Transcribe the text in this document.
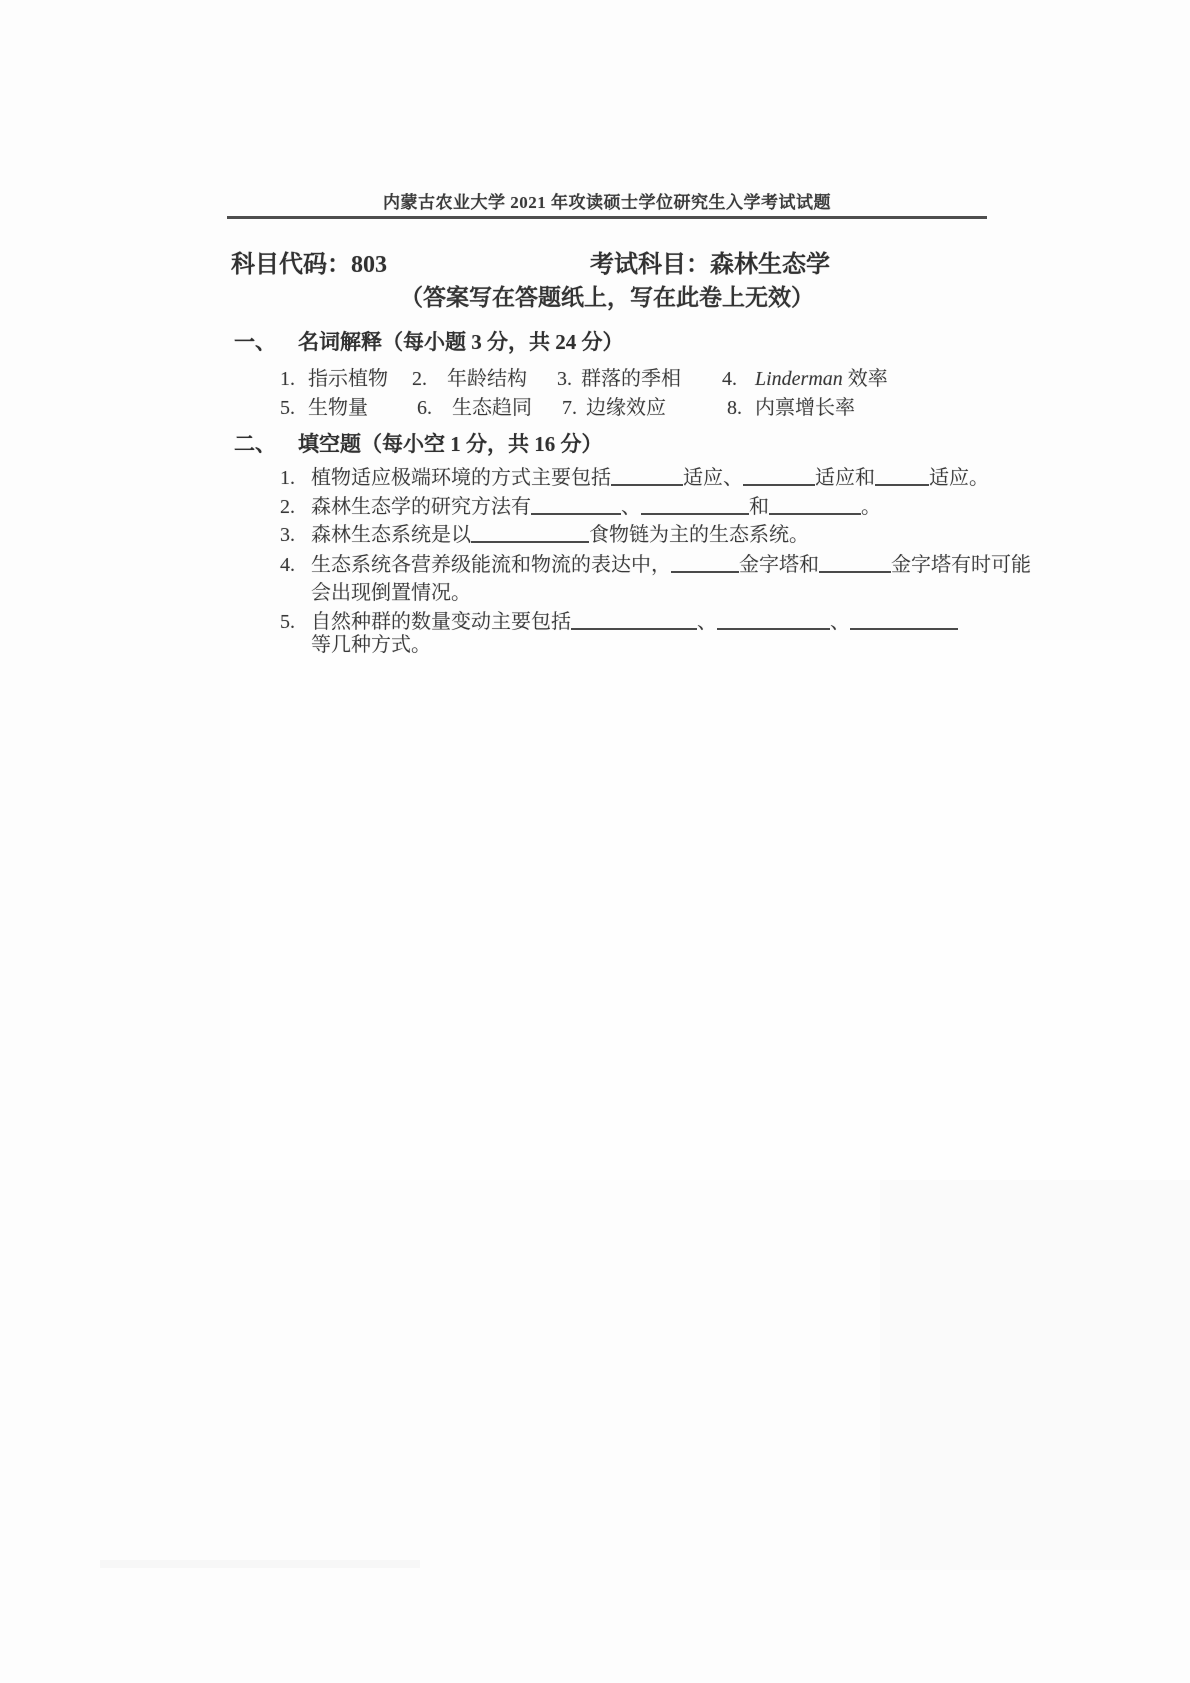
内蒙古农业大学 2021 年攻读硕士学位研究生入学考试试题
科目代码：803	考试科目：森林生态学
（答案写在答题纸上，写在此卷上无效）
一、 名词解释（每小题 3 分，共 24 分）
1. 指示植物 2. 年龄结构 3. 群落的季相 4. Linderman 效率
5. 生物量 6. 生态趋同 7. 边缘效应	8. 内禀增长率
二、 填空题（每小空 1 分，共 16 分）
1. 植物适应极端环境的方式主要包括	适应、	适应和	适应。
2. 森林生态学的研究方法有	、	和	。
3. 森林生态系统是以	食物链为主的生态系统。
4. 生态系统各营养级能流和物流的表达中，	金字塔和	金字塔有时可能
会出现倒置情况。
5. 自然种群的数量变动主要包括	、	、
等几种方式。
